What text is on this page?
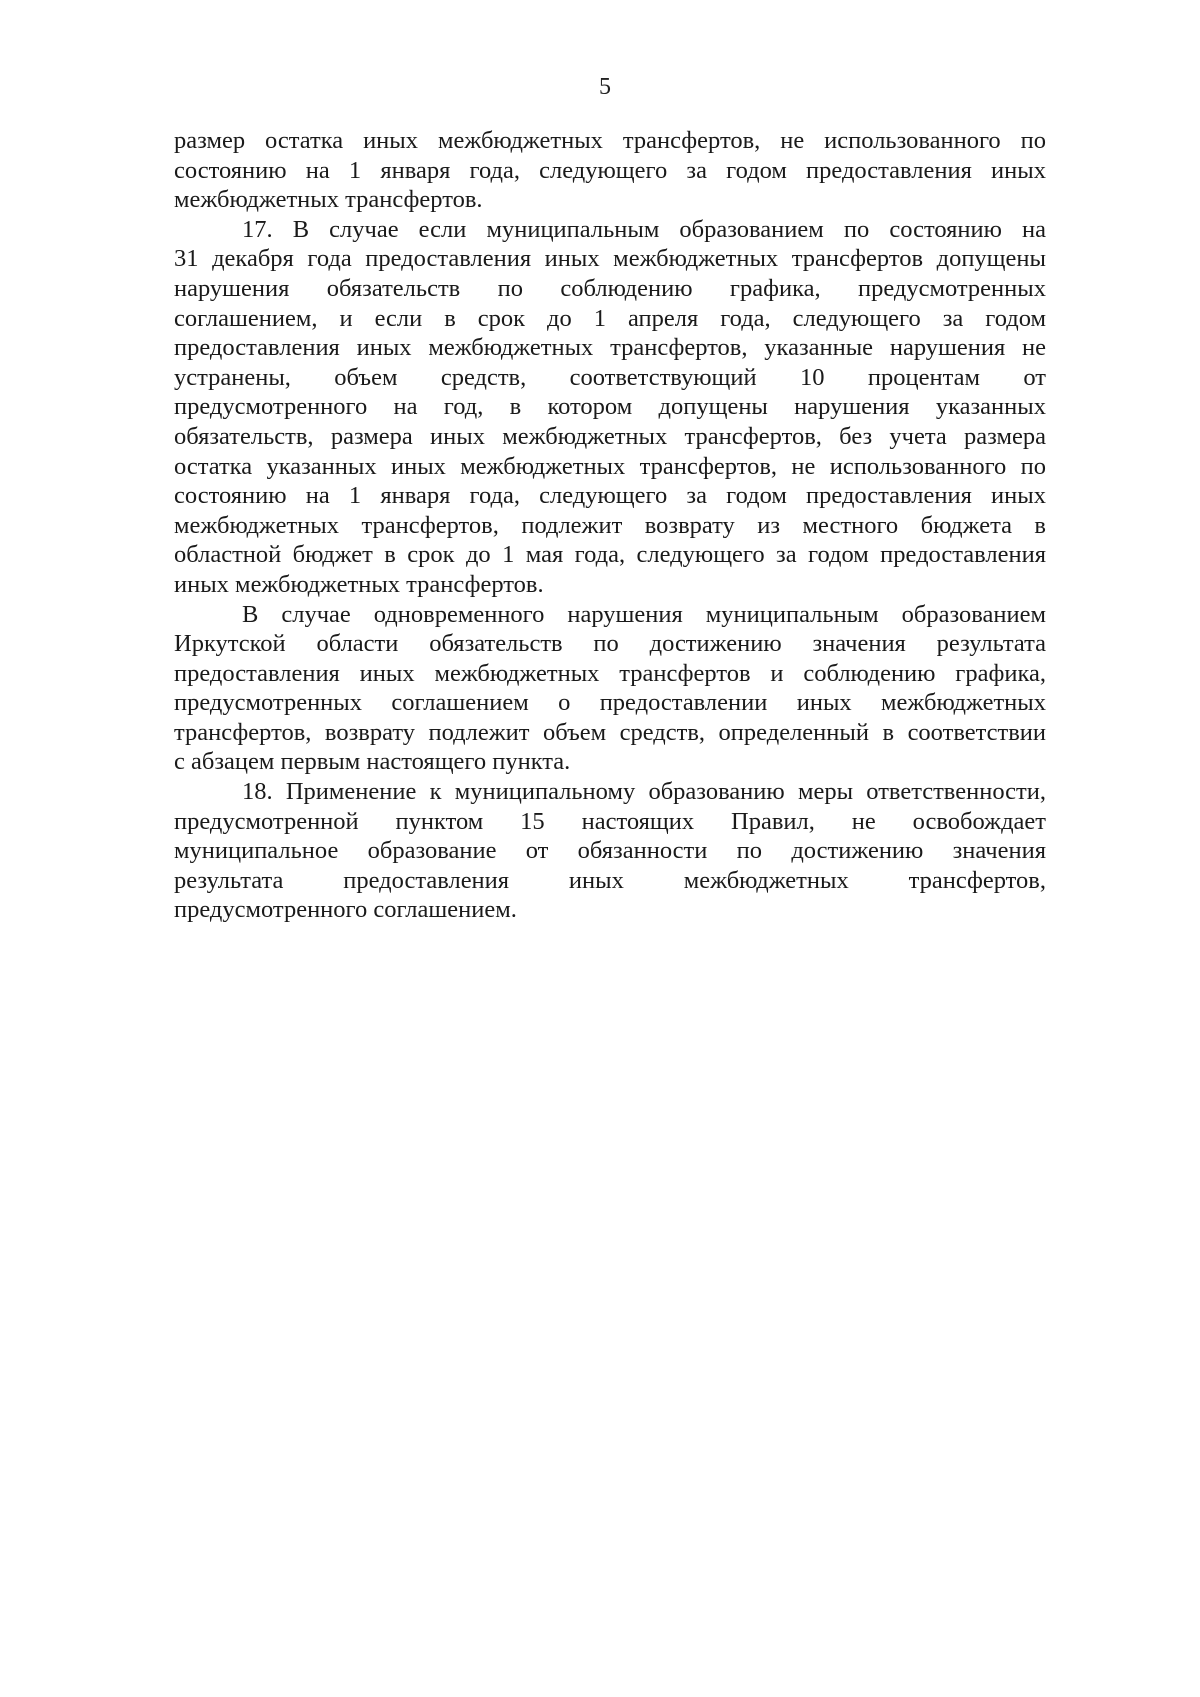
5
размер остатка иных межбюджетных трансфертов, не использованного по
состоянию на 1 января года, следующего за годом предоставления иных
межбюджетных трансфертов.
17. В случае если муниципальным образованием по состоянию на
31 декабря года предоставления иных межбюджетных трансфертов допущены
нарушения обязательств по соблюдению графика, предусмотренных
соглашением, и если в срок до 1 апреля года, следующего за годом
предоставления иных межбюджетных трансфертов, указанные нарушения не
устранены, объем средств, соответствующий 10 процентам от
предусмотренного на год, в котором допущены нарушения указанных
обязательств, размера иных межбюджетных трансфертов, без учета размера
остатка указанных иных межбюджетных трансфертов, не использованного по
состоянию на 1 января года, следующего за годом предоставления иных
межбюджетных трансфертов, подлежит возврату из местного бюджета в
областной бюджет в срок до 1 мая года, следующего за годом предоставления
иных межбюджетных трансфертов.
В случае одновременного нарушения муниципальным образованием
Иркутской области обязательств по достижению значения результата
предоставления иных межбюджетных трансфертов и соблюдению графика,
предусмотренных соглашением о предоставлении иных межбюджетных
трансфертов, возврату подлежит объем средств, определенный в соответствии
с абзацем первым настоящего пункта.
18. Применение к муниципальному образованию меры ответственности,
предусмотренной пунктом 15 настоящих Правил, не освобождает
муниципальное образование от обязанности по достижению значения
результата предоставления иных межбюджетных трансфертов,
предусмотренного соглашением.
